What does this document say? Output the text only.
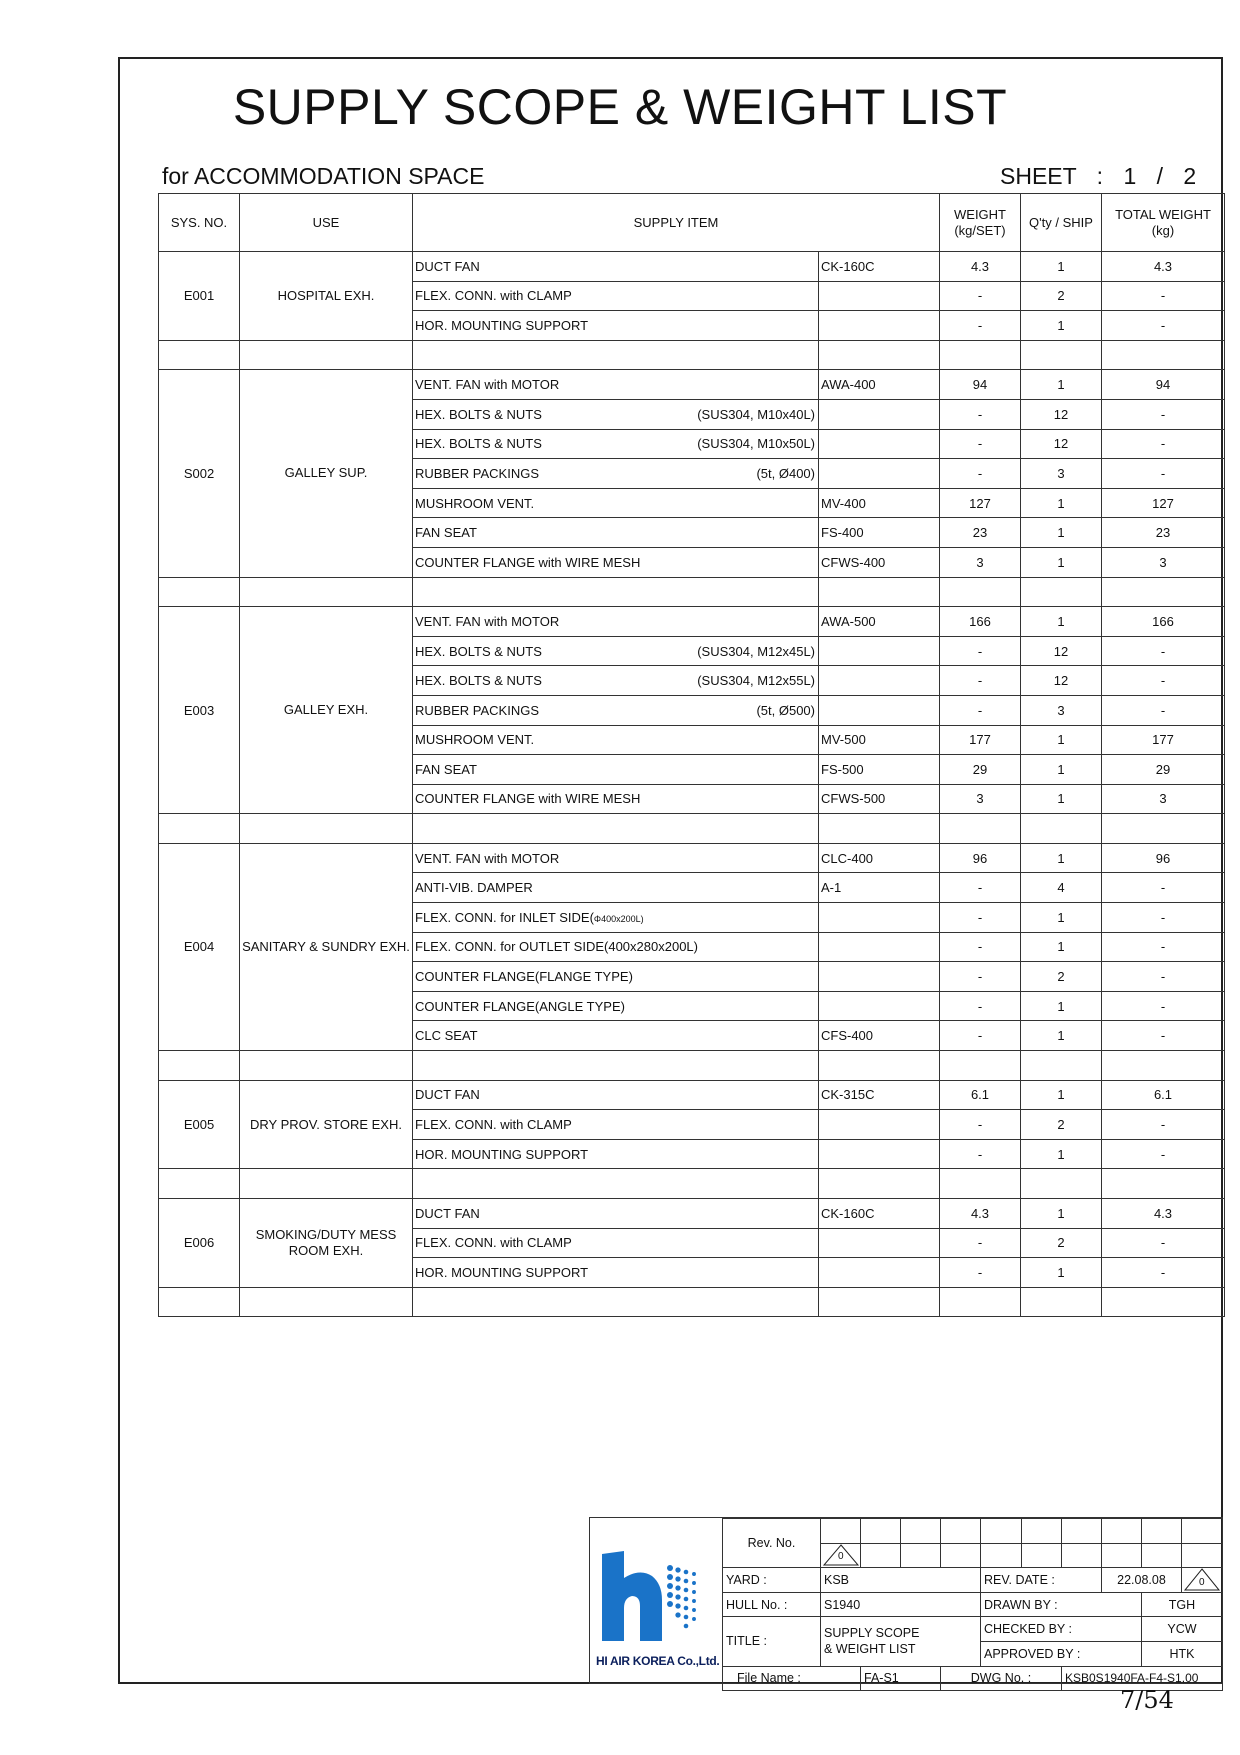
SUPPLY SCOPE & WEIGHT LIST
for ACCOMMODATION SPACE	SHEET : 1 / 2
SYS. NO.	USE	SUPPLY ITEM		WEIGHT (kg/SET)	Q'ty / SHIP	TOTAL WEIGHT (kg)
E001	HOSPITAL EXH.	DUCT FAN	CK-160C	4.3	1	4.3

		FLEX. CONN. with CLAMP		-	2	-

		HOR. MOUNTING SUPPORT		-	1	-

S002	GALLEY SUP.	VENT. FAN with MOTOR	AWA-400	94	1	94

		HEX. BOLTS & NUTS (SUS304, M10x40L)		-	12	-

		HEX. BOLTS & NUTS (SUS304, M10x50L)		-	12	-

		RUBBER PACKINGS (5t, Ø400)		-	3	-

		MUSHROOM VENT.	MV-400	127	1	127

		FAN SEAT	FS-400	23	1	23

		COUNTER FLANGE with WIRE MESH	CFWS-400	3	1	3

E003	GALLEY EXH.	VENT. FAN with MOTOR	AWA-500	166	1	166

		HEX. BOLTS & NUTS (SUS304, M12x45L)		-	12	-

		HEX. BOLTS & NUTS (SUS304, M12x55L)		-	12	-

		RUBBER PACKINGS (5t, Ø500)		-	3	-

		MUSHROOM VENT.	MV-500	177	1	177

		FAN SEAT	FS-500	29	1	29

		COUNTER FLANGE with WIRE MESH	CFWS-500	3	1	3

E004	SANITARY & SUNDRY EXH.	VENT. FAN with MOTOR	CLC-400	96	1	96

		ANTI-VIB. DAMPER	A-1	-	4	-

		FLEX. CONN. for INLET SIDE(Φ400x200L)		-	1	-

		FLEX. CONN. for OUTLET SIDE(400x280x200L)		-	1	-

		COUNTER FLANGE(FLANGE TYPE)		-	2	-

		COUNTER FLANGE(ANGLE TYPE)		-	1	-

		CLC SEAT	CFS-400	-	1	-

E005	DRY PROV. STORE EXH.	DUCT FAN	CK-315C	6.1	1	6.1

		FLEX. CONN. with CLAMP		-	2	-

		HOR. MOUNTING SUPPORT		-	1	-

E006	SMOKING/DUTY MESS ROOM EXH.	DUCT FAN	CK-160C	4.3	1	4.3

		FLEX. CONN. with CLAMP		-	2	-

		HOR. MOUNTING SUPPORT		-	1	-

HI AIR KOREA Co.,Ltd.
Rev. No.										

	0									

YARD :	KSB				REV. DATE :			22.08.08		0

HULL No. :	S1940				DRAWN BY :				TGH	
TITLE :	SUPPLY SCOPE
& WEIGHT LIST				CHECKED BY :				YCW	
					APPROVED BY :				HTK	
File Name :		FA-S1		DWG No. :			KSB0S1940FA-F4-S1.00			
7/54
